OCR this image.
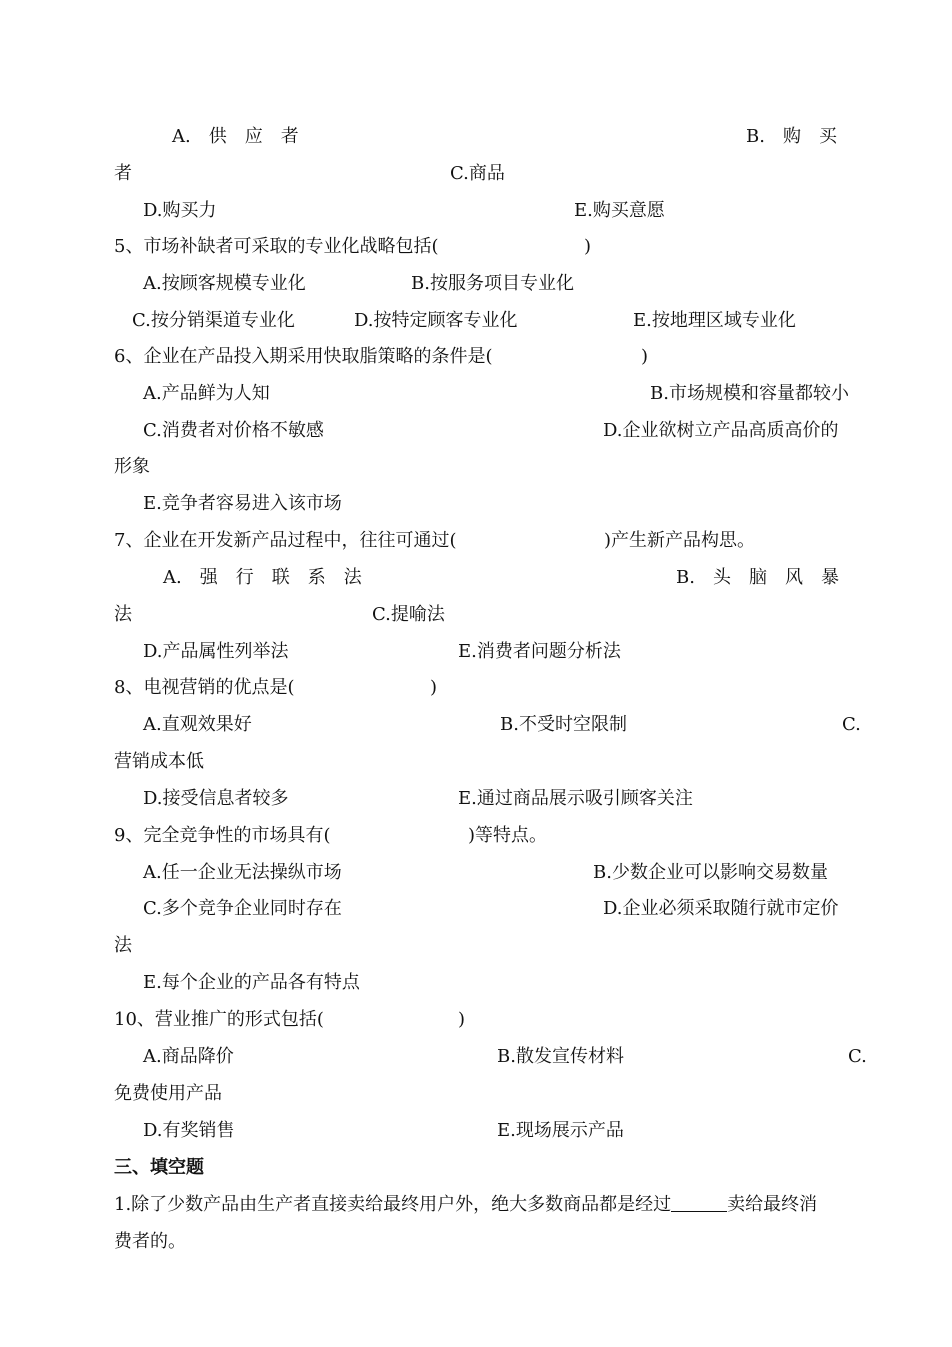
A.　供　应　者	B.　购　买
者	C.商品
D.购买力	E.购买意愿
5、市场补缺者可采取的专业化战略包括(	)
A.按顾客规模专业化	B.按服务项目专业化
C.按分销渠道专业化	D.按特定顾客专业化	E.按地理区域专业化
6、企业在产品投入期采用快取脂策略的条件是(	)
A.产品鲜为人知	B.市场规模和容量都较小
C.消费者对价格不敏感	D.企业欲树立产品高质高价的
形象
E.竞争者容易进入该市场
7、企业在开发新产品过程中，往往可通过(	)产生新产品构思。
A.　强　行　联　系　法	B.　头　脑　风　暴
法	C.提喻法
D.产品属性列举法	E.消费者问题分析法
8、电视营销的优点是(	)
A.直观效果好	B.不受时空限制	C.
营销成本低
D.接受信息者较多	E.通过商品展示吸引顾客关注
9、完全竞争性的市场具有(	)等特点。
A.任一企业无法操纵市场	B.少数企业可以影响交易数量
C.多个竞争企业同时存在	D.企业必须采取随行就市定价
法
E.每个企业的产品各有特点
10、营业推广的形式包括(	)
A.商品降价	B.散发宣传材料	C.
免费使用产品
D.有奖销售	E.现场展示产品
三、填空题
1.除了少数产品由生产者直接卖给最终用户外，绝大多数商品都是经过	卖给最终消
费者的。
